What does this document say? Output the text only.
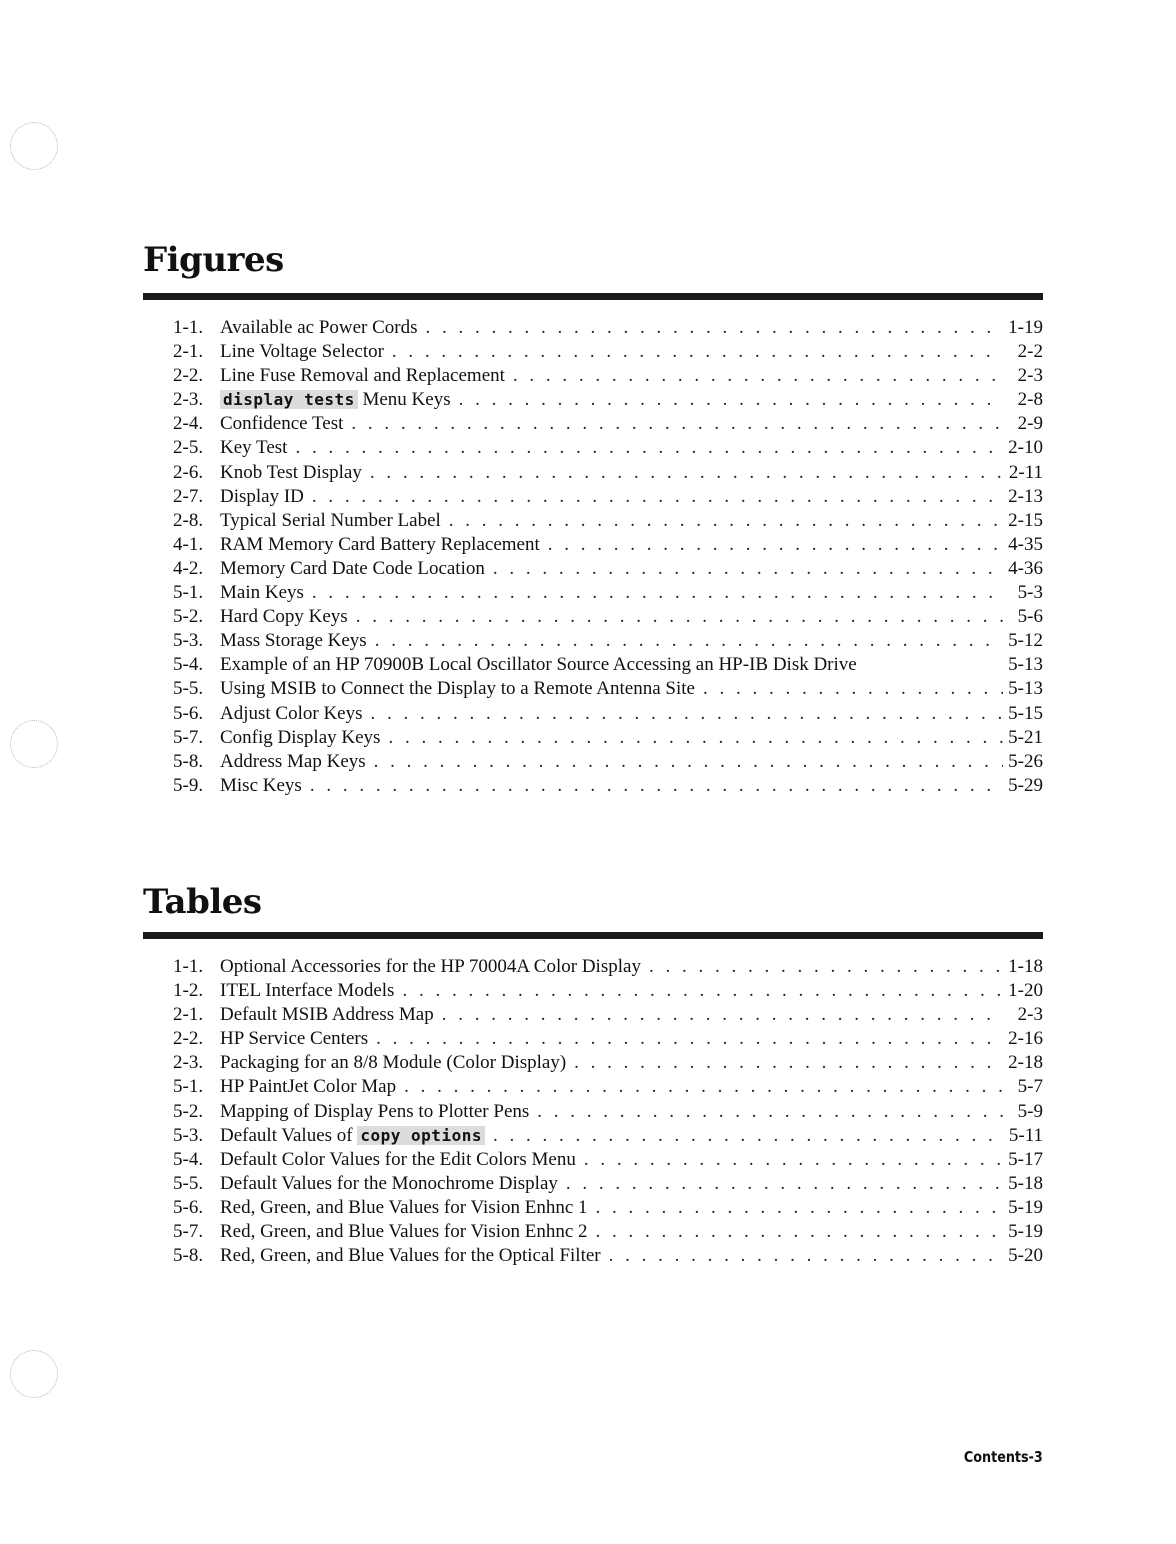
Figures
1-1. Available ac Power Cords . . .	1-19
2-1. Line Voltage Selector . . .	2-2
2-2. Line Fuse Removal and Replacement . . .	2-3
2-3.	display tests Menu Keys . . .	2-8
2-4. Confidence Test . . .	2-9
2-5. Key Test . . .	2-10
2-6. Knob Test Display . . .	2-11
2-7. Display ID . . .	2-13
2-8. Typical Serial Number Label . . .	2-15
4-1. RAM Memory Card Battery Replacement . . .	4-35
4-2. Memory Card Date Code Location . . .	4-36
5-1. Main Keys . . .	5-3
5-2. Hard Copy Keys . . .	5-6
5-3. Mass Storage Keys . . .	5-12
5-4. Example of an HP 70900B Local Oscillator Source Accessing an HP-IB Disk Drive	5-13
5-5. Using MSIB to Connect the Display to a Remote Antenna Site . . .	5-13
5-6. Adjust Color Keys . . .	5-15
5-7. Config Display Keys . . .	5-21
5-8. Address Map Keys . . .	5-26
5-9. Misc Keys . . .	5-29
Tables
1-1. Optional Accessories for the HP 70004A Color Display . . .	1-18
1-2. ITEL Interface Models . . .	1-20
2-1. Default MSIB Address Map . . .	2-3
2-2. HP Service Centers . . .	2-16
2-3. Packaging for an 8/8 Module (Color Display) . . .	2-18
5-1. HP PaintJet Color Map . . .	5-7
5-2. Mapping of Display Pens to Plotter Pens . . .	5-9
5-3. Default Values of copy options . . .	5-11
5-4. Default Color Values for the Edit Colors Menu . . .	5-17
5-5. Default Values for the Monochrome Display . . .	5-18
5-6. Red, Green, and Blue Values for Vision Enhnc 1 . . .	5-19
5-7. Red, Green, and Blue Values for Vision Enhnc 2 . . .	5-19
5-8. Red, Green, and Blue Values for the Optical Filter . . .	5-20
Contents-3
